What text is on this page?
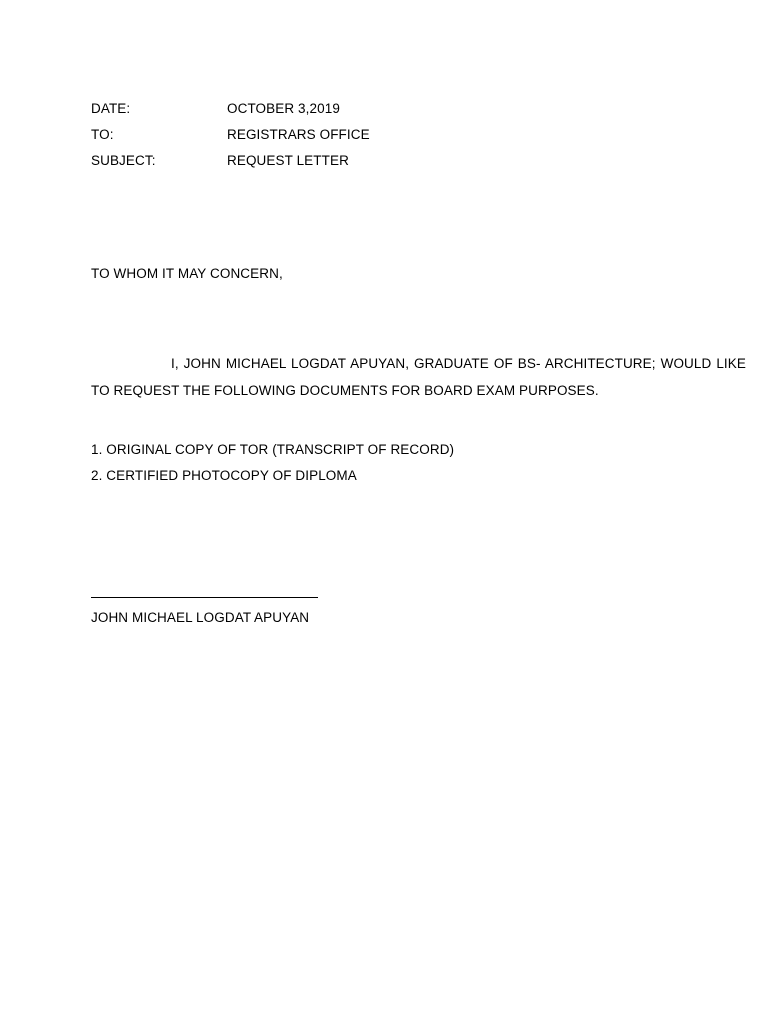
DATE:	OCTOBER 3,2019
TO:	REGISTRARS OFFICE
SUBJECT:	REQUEST LETTER
TO WHOM IT MAY CONCERN,

I, JOHN MICHAEL LOGDAT APUYAN, GRADUATE OF BS- ARCHITECTURE; WOULD LIKE TO REQUEST THE FOLLOWING DOCUMENTS FOR BOARD EXAM PURPOSES.

1. ORIGINAL COPY OF TOR (TRANSCRIPT OF RECORD)
2. CERTIFIED PHOTOCOPY OF DIPLOMA
JOHN MICHAEL LOGDAT APUYAN
